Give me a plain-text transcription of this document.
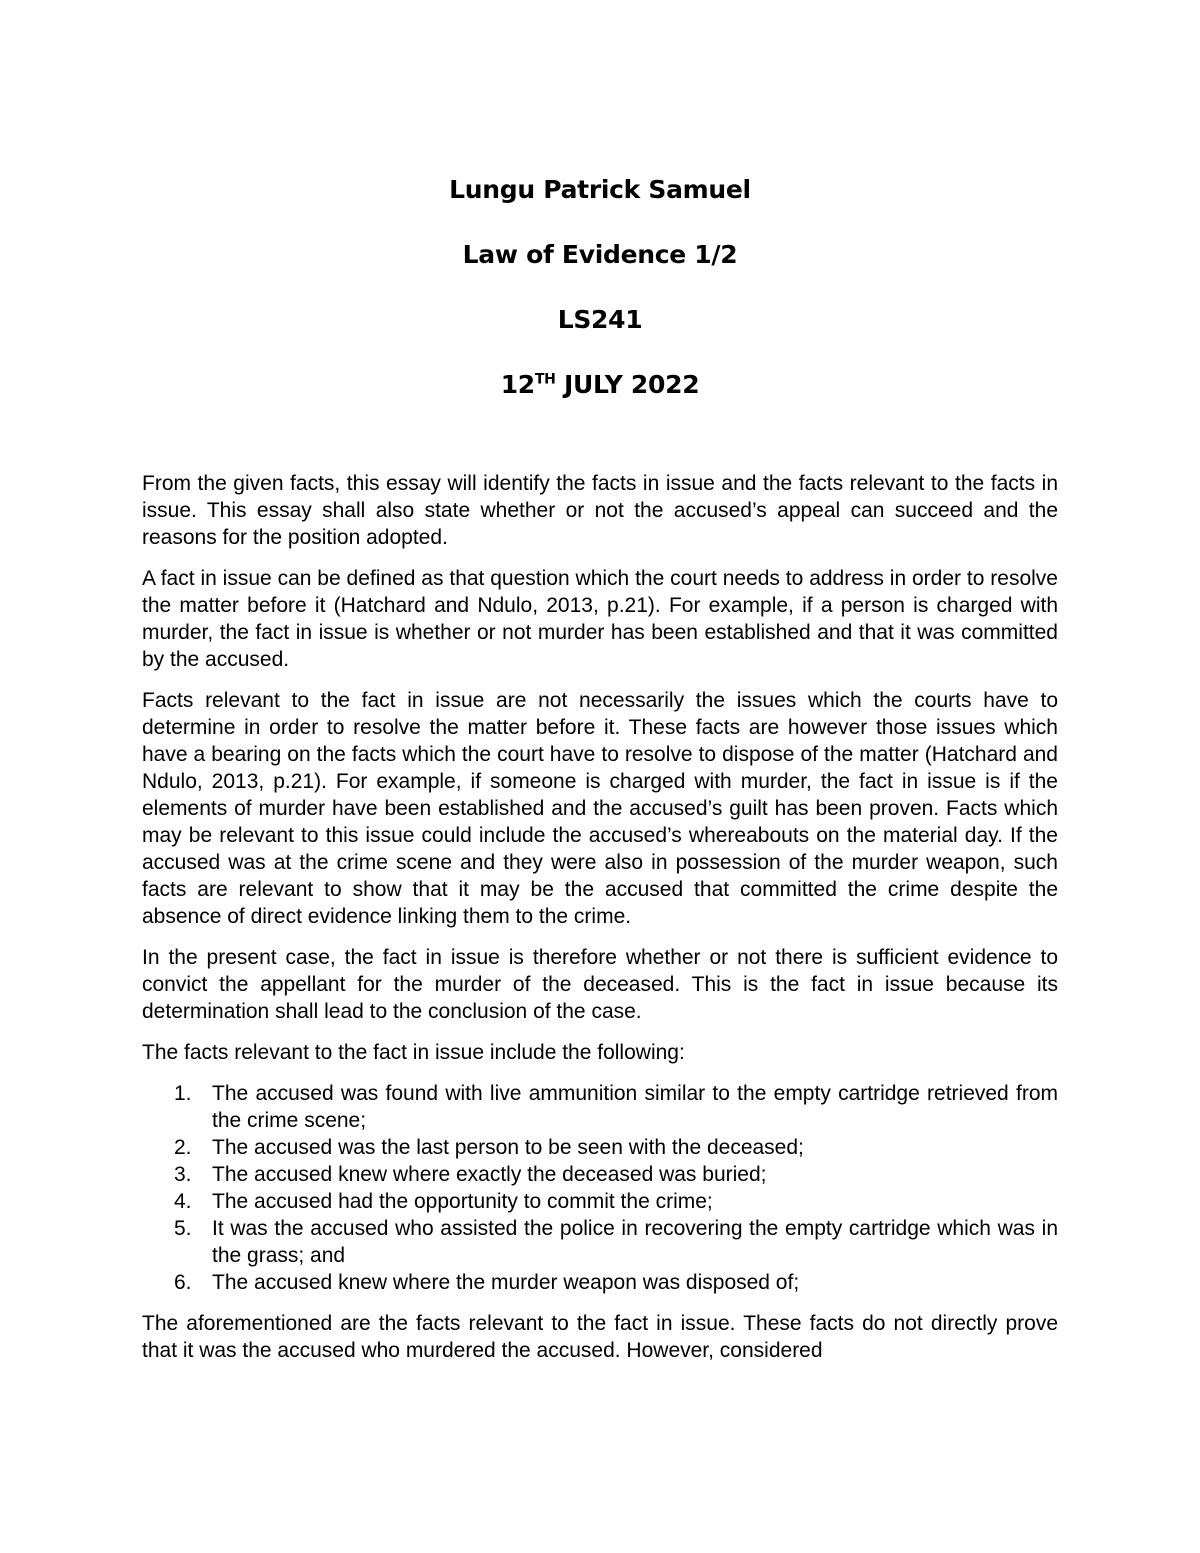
Lungu Patrick Samuel
Law of Evidence 1/2
LS241
12TH JULY 2022

From the given facts, this essay will identify the facts in issue and the facts relevant to the facts in issue. This essay shall also state whether or not the accused’s appeal can succeed and the reasons for the position adopted.

A fact in issue can be defined as that question which the court needs to address in order to resolve the matter before it (Hatchard and Ndulo, 2013, p.21). For example, if a person is charged with murder, the fact in issue is whether or not murder has been established and that it was committed by the accused.

Facts relevant to the fact in issue are not necessarily the issues which the courts have to determine in order to resolve the matter before it. These facts are however those issues which have a bearing on the facts which the court have to resolve to dispose of the matter (Hatchard and Ndulo, 2013, p.21). For example, if someone is charged with murder, the fact in issue is if the elements of murder have been established and the accused’s guilt has been proven. Facts which may be relevant to this issue could include the accused’s whereabouts on the material day. If the accused was at the crime scene and they were also in possession of the murder weapon, such facts are relevant to show that it may be the accused that committed the crime despite the absence of direct evidence linking them to the crime.

In the present case, the fact in issue is therefore whether or not there is sufficient evidence to convict the appellant for the murder of the deceased. This is the fact in issue because its determination shall lead to the conclusion of the case.

The facts relevant to the fact in issue include the following:

1. The accused was found with live ammunition similar to the empty cartridge retrieved from the crime scene;
2. The accused was the last person to be seen with the deceased;
3. The accused knew where exactly the deceased was buried;
4. The accused had the opportunity to commit the crime;
5. It was the accused who assisted the police in recovering the empty cartridge which was in the grass; and
6. The accused knew where the murder weapon was disposed of;

The aforementioned are the facts relevant to the fact in issue. These facts do not directly prove that it was the accused who murdered the accused. However, considered
